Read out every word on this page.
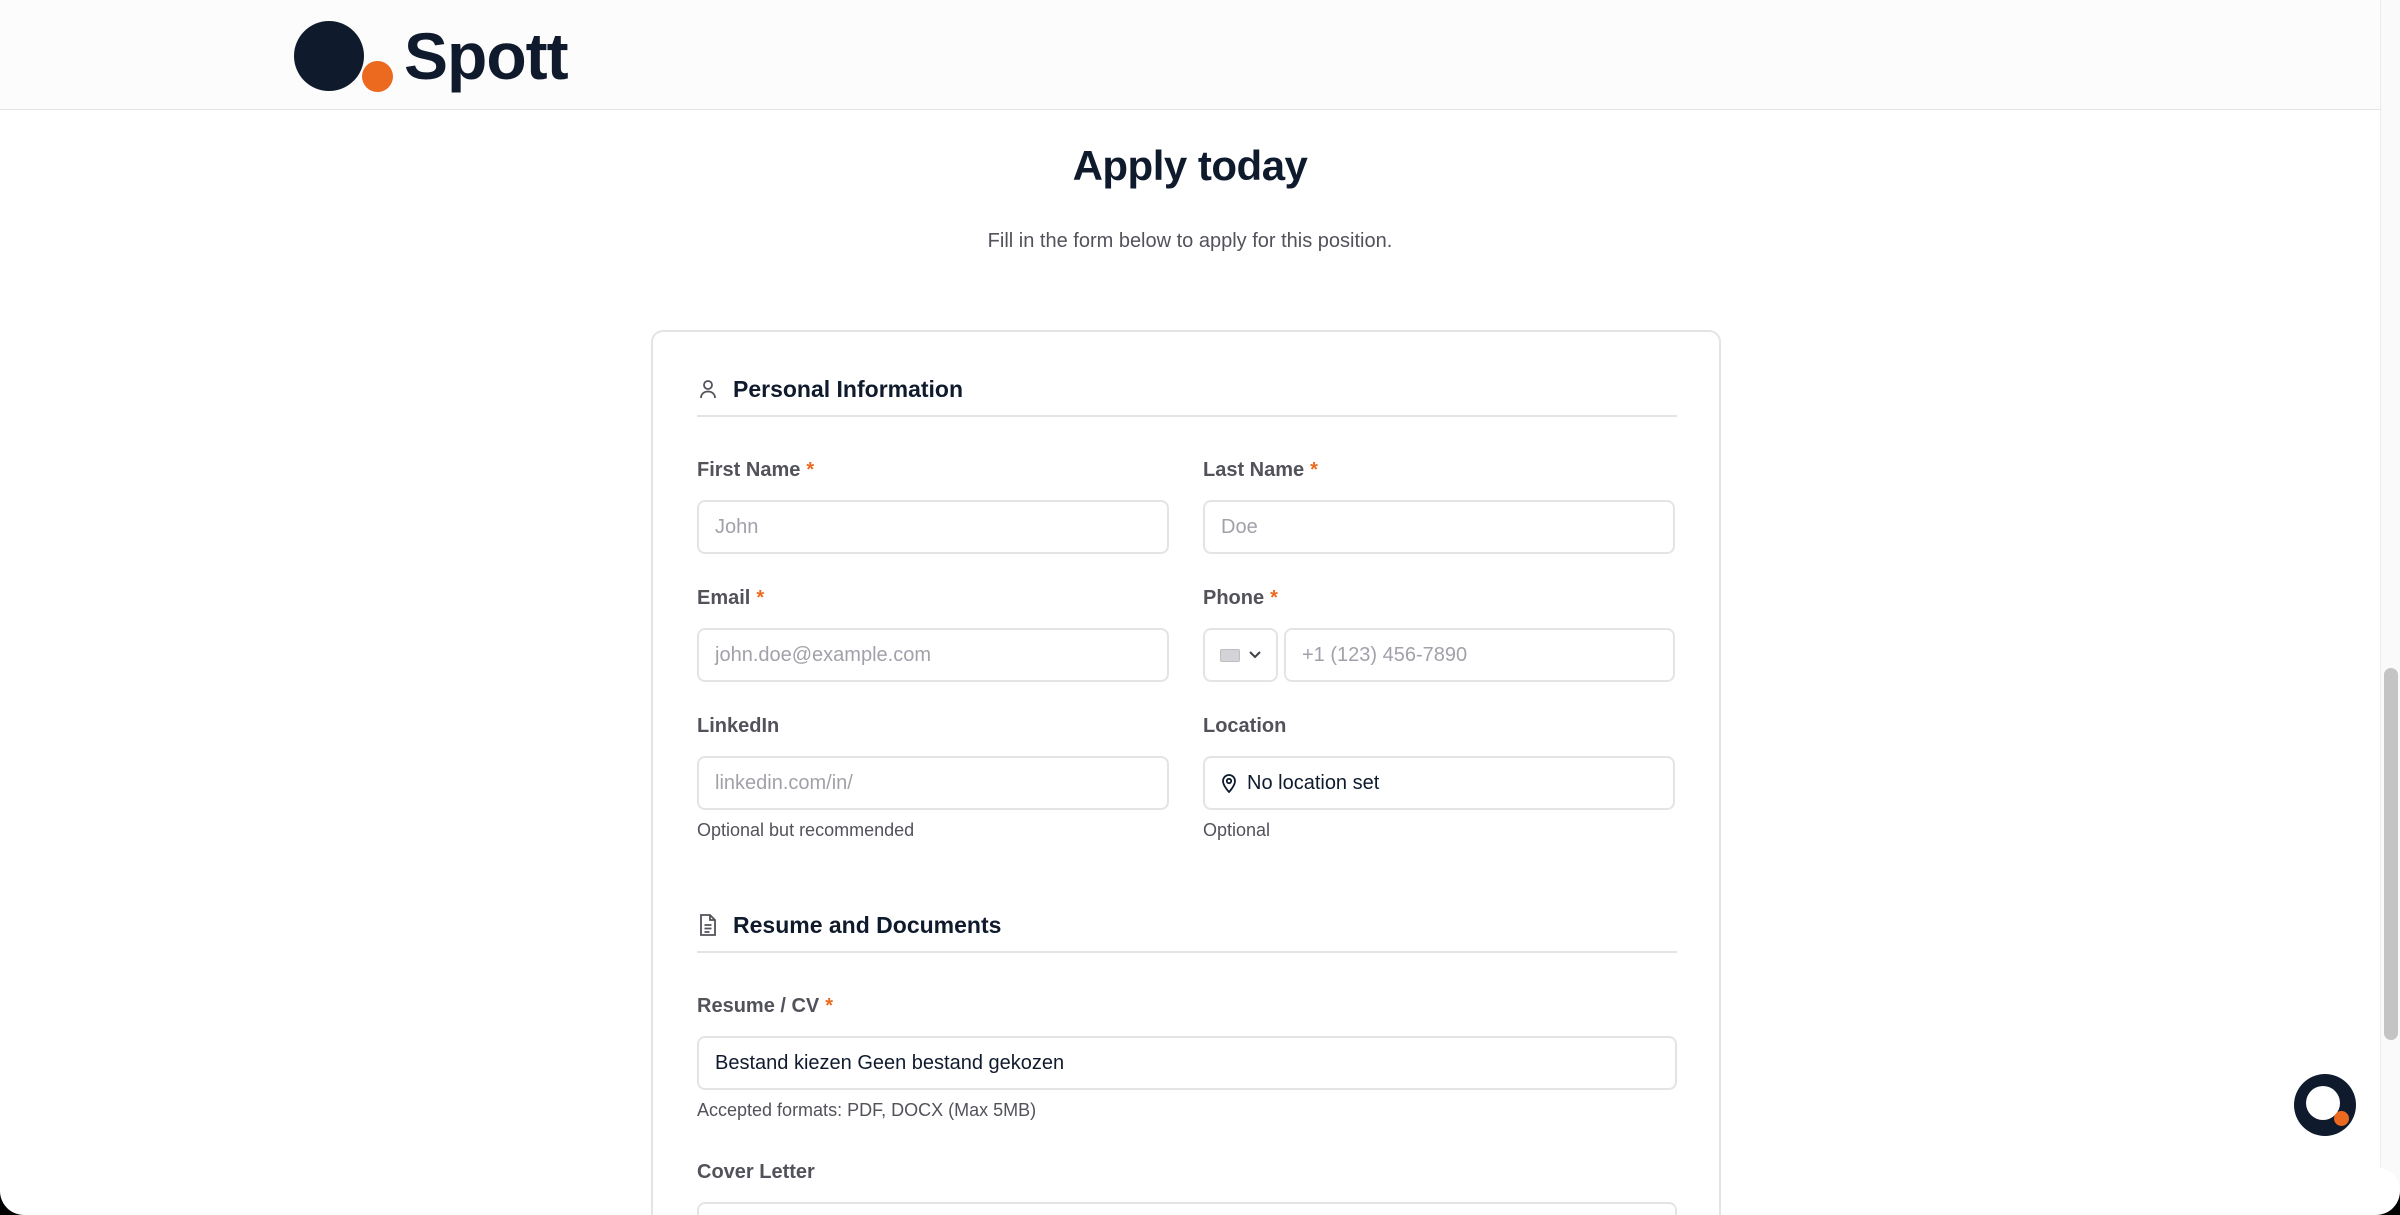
Spott
Apply today

Fill in the form below to apply for this position.

Personal Information
First Name *
John
Last Name *
Doe
Email *
john.doe@example.com
Phone *
+1 (123) 456-7890
LinkedIn
linkedin.com/in/
Optional but recommended
Location
No location set
Optional
Resume and Documents
Resume / CV *
Bestand kiezen Geen bestand gekozen
Accepted formats: PDF, DOCX (Max 5MB)
Cover Letter
